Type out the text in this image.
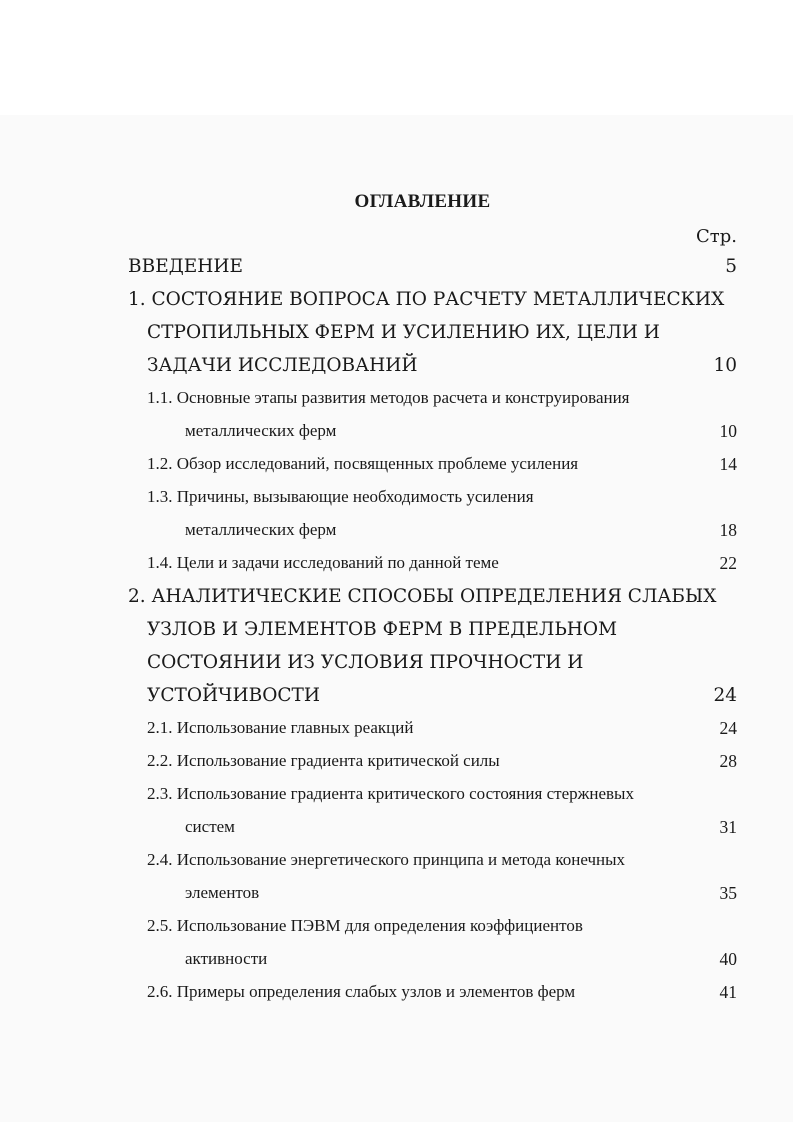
ОГЛАВЛЕНИЕ
Стр.
ВВЕДЕНИЕ	5
1. СОСТОЯНИЕ ВОПРОСА ПО РАСЧЕТУ МЕТАЛЛИЧЕСКИХ
СТРОПИЛЬНЫХ ФЕРМ И УСИЛЕНИЮ ИХ, ЦЕЛИ И
ЗАДАЧИ ИССЛЕДОВАНИЙ	10
1.1. Основные этапы развития методов расчета и конструирования
металлических ферм	10
1.2. Обзор исследований, посвященных проблеме усиления	14
1.3. Причины, вызывающие необходимость усиления
металлических ферм	18
1.4. Цели и задачи исследований по данной теме	22
2. АНАЛИТИЧЕСКИЕ СПОСОБЫ ОПРЕДЕЛЕНИЯ СЛАБЫХ
УЗЛОВ И ЭЛЕМЕНТОВ ФЕРМ В ПРЕДЕЛЬНОМ
СОСТОЯНИИ ИЗ УСЛОВИЯ ПРОЧНОСТИ И
УСТОЙЧИВОСТИ	24
2.1. Использование главных реакций	24
2.2. Использование градиента критической силы	28
2.3. Использование градиента критического состояния стержневых
систем	31
2.4. Использование энергетического принципа и метода конечных
элементов	35
2.5. Использование ПЭВМ для определения коэффициентов
активности	40
2.6. Примеры определения слабых узлов и элементов ферм	41
